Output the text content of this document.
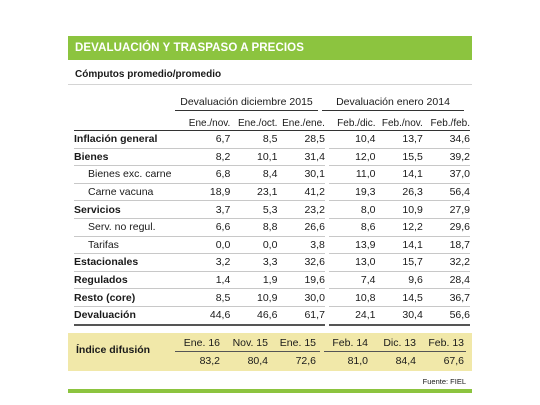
DEVALUACIÓN Y TRASPASO A PRECIOS
Cómputos promedio/promedio
Devaluación diciembre 2015	Devaluación enero 2014
	Ene./nov.	Ene./oct.	Ene./ene.		Feb./dic.	Feb./nov.	Feb./feb.
Inflación general	6,7	8,5	28,5		10,4	13,7	34,6
Bienes	8,2	10,1	31,4		12,0	15,5	39,2
Bienes exc. carne	6,8	8,4	30,1		11,0	14,1	37,0
Carne vacuna	18,9	23,1	41,2		19,3	26,3	56,4
Servicios	3,7	5,3	23,2		8,0	10,9	27,9
Serv. no regul.	6,6	8,8	26,6		8,6	12,2	29,6
Tarifas	0,0	0,0	3,8		13,9	14,1	18,7
Estacionales	3,2	3,3	32,6		13,0	15,7	32,2
Regulados	1,4	1,9	19,6		7,4	9,6	28,4
Resto (core)	8,5	10,9	30,0		10,8	14,5	36,7
Devaluación	44,6	46,6	61,7		24,1	30,4	56,6
Índice difusión
Ene. 16	Nov. 15	Ene. 15	Feb. 14	Dic. 13	Feb. 13
83,2	80,4	72,6	81,0	84,4	67,6
Fuente: FIEL
